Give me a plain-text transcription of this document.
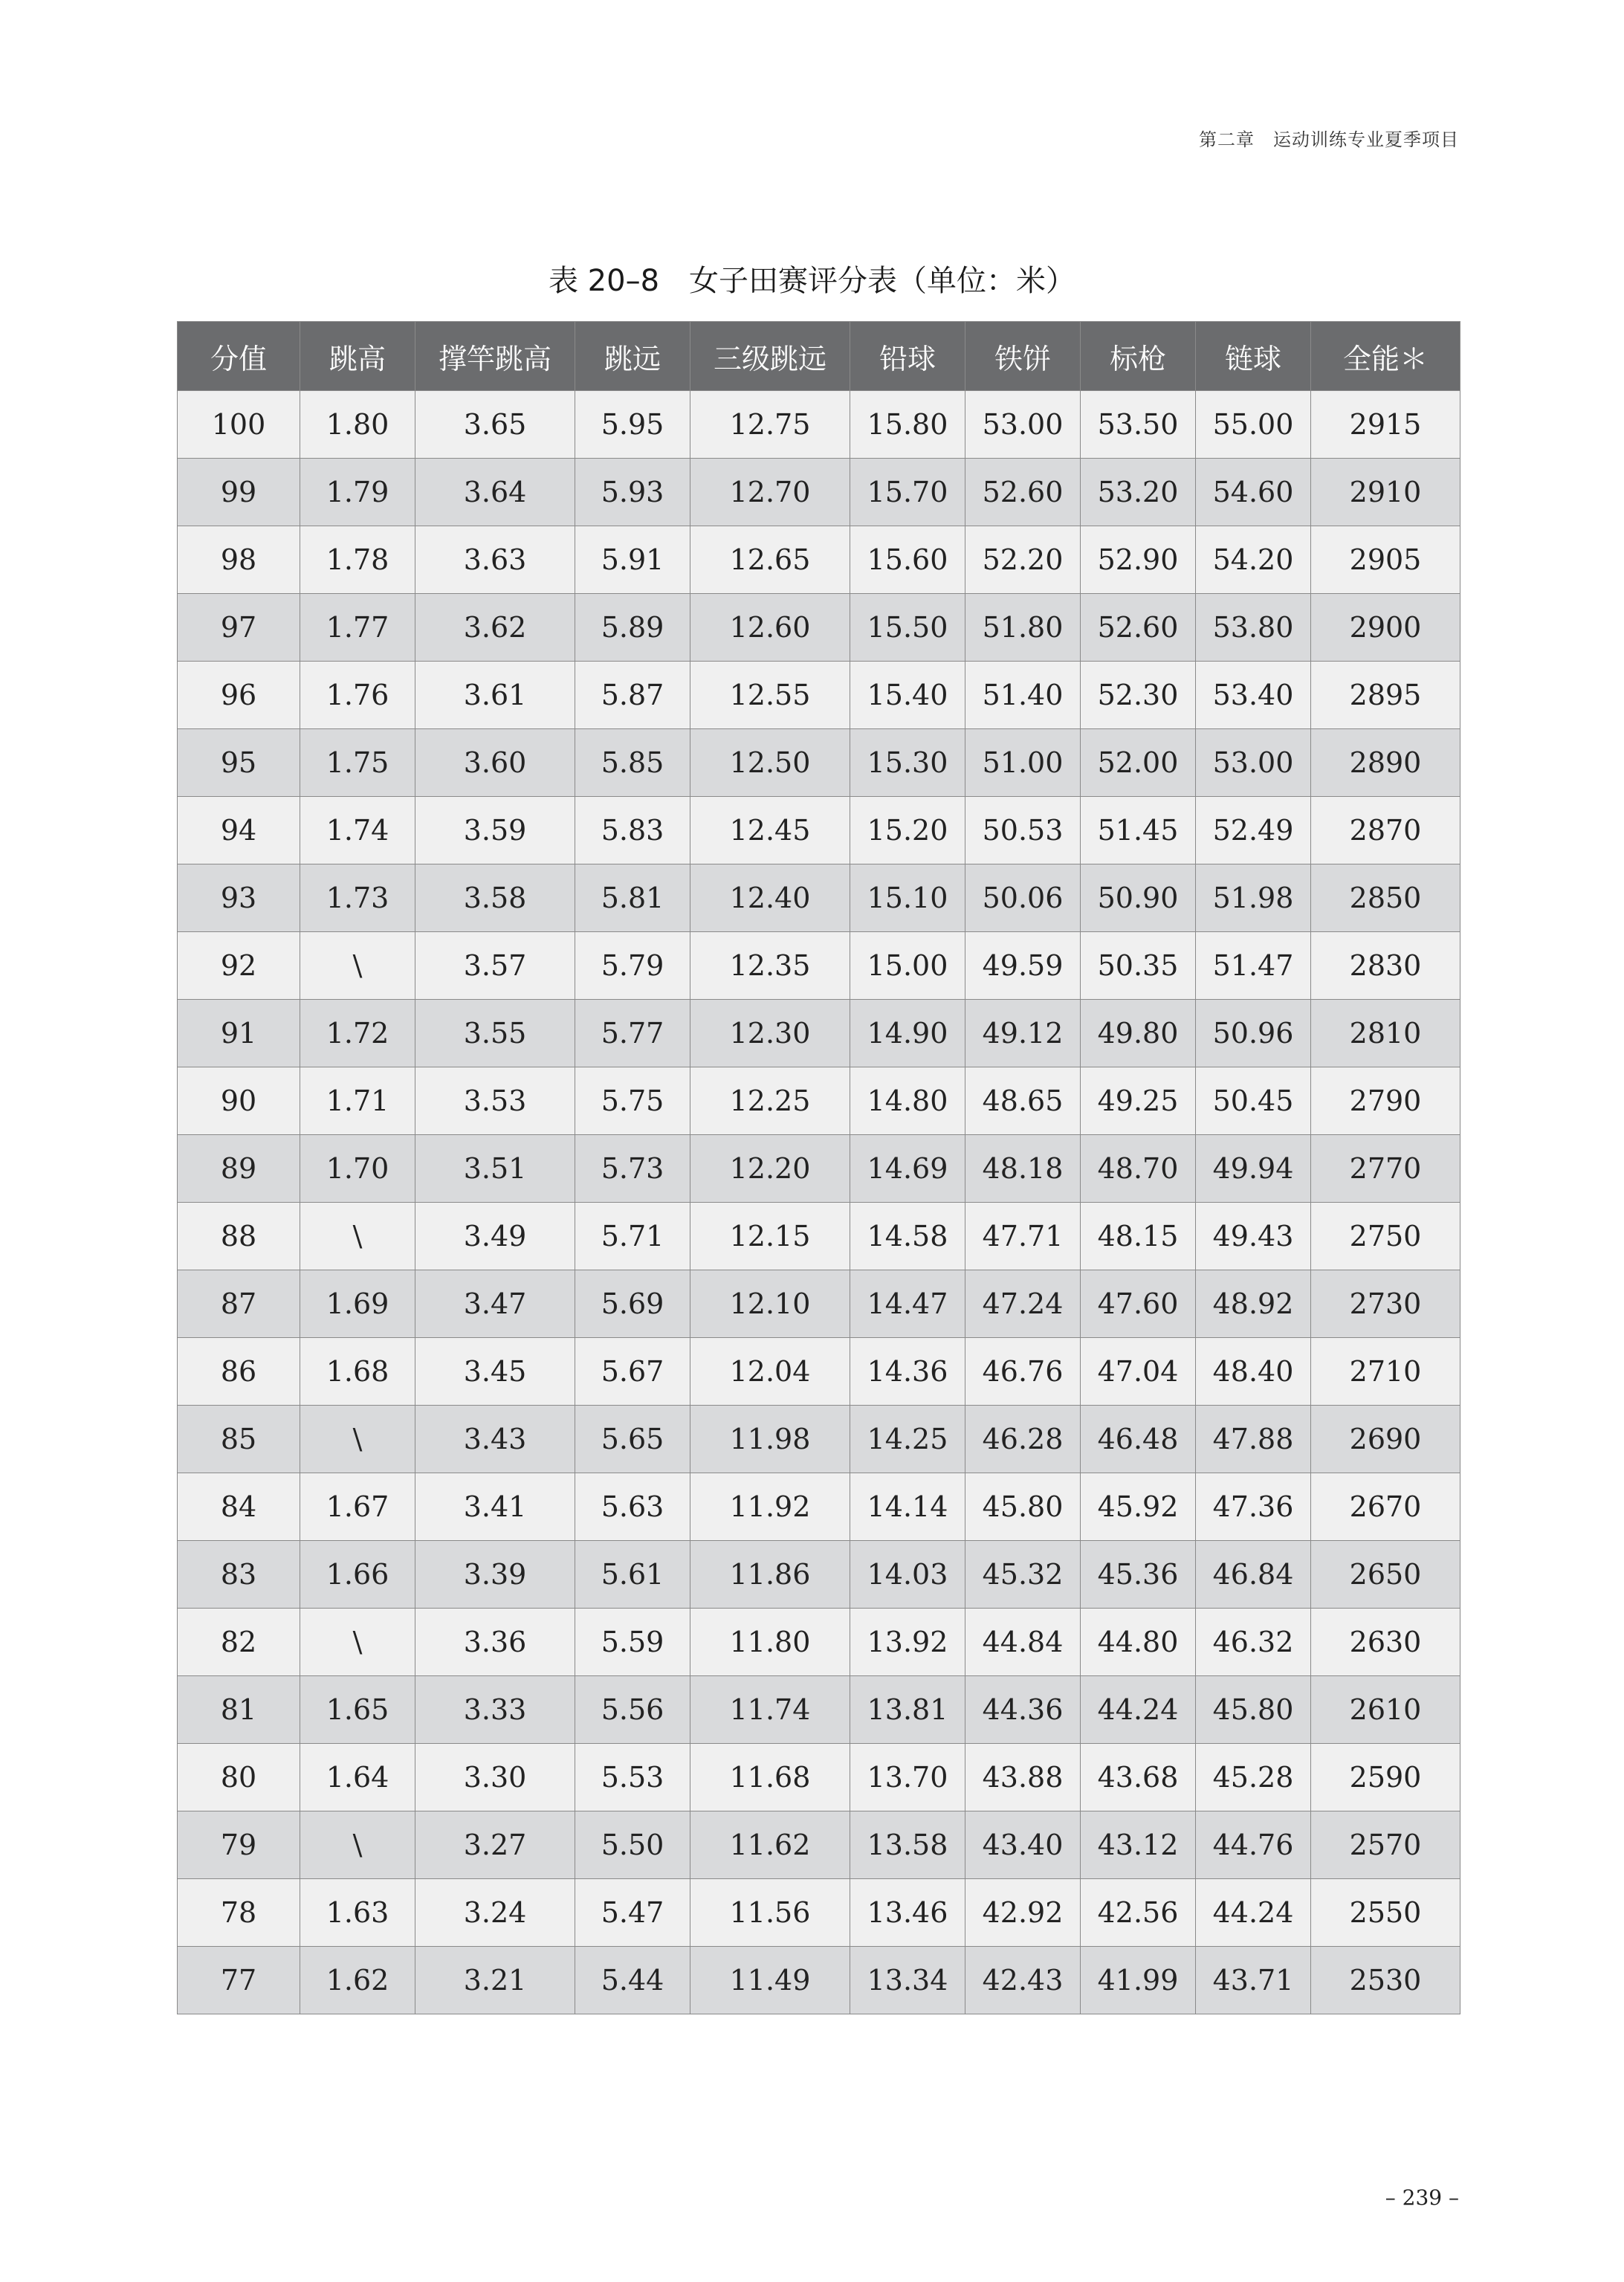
第二章　运动训练专业夏季项目
表 20–8　女子田赛评分表（单位：米）
分值	跳高	撑竿跳高	跳远	三级跳远	铅球	铁饼	标枪	链球	全能＊
100	1.80	3.65	5.95	12.75	15.80	53.00	53.50	55.00	2915
99	1.79	3.64	5.93	12.70	15.70	52.60	53.20	54.60	2910
98	1.78	3.63	5.91	12.65	15.60	52.20	52.90	54.20	2905
97	1.77	3.62	5.89	12.60	15.50	51.80	52.60	53.80	2900
96	1.76	3.61	5.87	12.55	15.40	51.40	52.30	53.40	2895
95	1.75	3.60	5.85	12.50	15.30	51.00	52.00	53.00	2890
94	1.74	3.59	5.83	12.45	15.20	50.53	51.45	52.49	2870
93	1.73	3.58	5.81	12.40	15.10	50.06	50.90	51.98	2850
92	\	3.57	5.79	12.35	15.00	49.59	50.35	51.47	2830
91	1.72	3.55	5.77	12.30	14.90	49.12	49.80	50.96	2810
90	1.71	3.53	5.75	12.25	14.80	48.65	49.25	50.45	2790
89	1.70	3.51	5.73	12.20	14.69	48.18	48.70	49.94	2770
88	\	3.49	5.71	12.15	14.58	47.71	48.15	49.43	2750
87	1.69	3.47	5.69	12.10	14.47	47.24	47.60	48.92	2730
86	1.68	3.45	5.67	12.04	14.36	46.76	47.04	48.40	2710
85	\	3.43	5.65	11.98	14.25	46.28	46.48	47.88	2690
84	1.67	3.41	5.63	11.92	14.14	45.80	45.92	47.36	2670
83	1.66	3.39	5.61	11.86	14.03	45.32	45.36	46.84	2650
82	\	3.36	5.59	11.80	13.92	44.84	44.80	46.32	2630
81	1.65	3.33	5.56	11.74	13.81	44.36	44.24	45.80	2610
80	1.64	3.30	5.53	11.68	13.70	43.88	43.68	45.28	2590
79	\	3.27	5.50	11.62	13.58	43.40	43.12	44.76	2570
78	1.63	3.24	5.47	11.56	13.46	42.92	42.56	44.24	2550
77	1.62	3.21	5.44	11.49	13.34	42.43	41.99	43.71	2530
– 239 –
